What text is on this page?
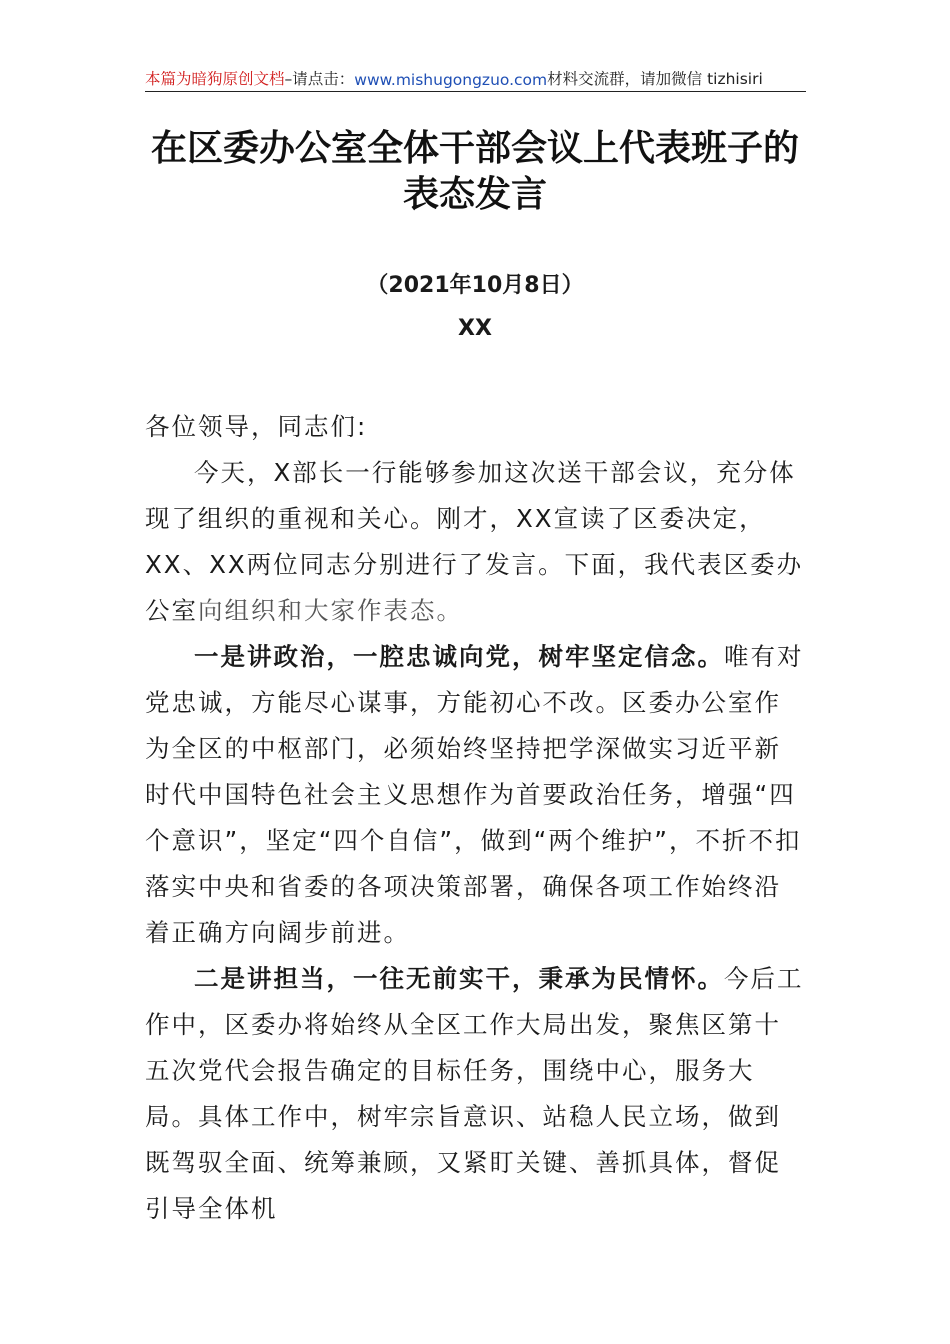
本篇为暗狗原创文档 –请点击： www.mishugongzuo.com 材料交流群，请加微信 tizhisiri
在区委办公室全体干部会议上代表班子的
表态发言
（2021年10月8日）
XX

各位领导，同志们:

今天，X部长一行能够参加这次送干部会议，充分体现了组织的重视和关心。刚才，XX宣读了区委决定，XX、XX两位同志分别进行了发言。下面，我代表区委办公室向组织和大家作表态。

一是讲政治，一腔忠诚向党，树牢坚定信念。唯有对党忠诚，方能尽心谋事，方能初心不改。区委办公室作为全区的中枢部门，必须始终坚持把学深做实习近平新时代中国特色社会主义思想作为首要政治任务，增强“四个意识”，坚定“四个自信”，做到“两个维护”，不折不扣落实中央和省委的各项决策部署，确保各项工作始终沿着正确方向阔步前进。

二是讲担当，一往无前实干，秉承为民情怀。今后工作中，区委办将始终从全区工作大局出发，聚焦区第十五次党代会报告确定的目标任务，围绕中心，服务大局。具体工作中，树牢宗旨意识、站稳人民立场，做到既驾驭全面、统筹兼顾，又紧盯关键、善抓具体，督促引导全体机
